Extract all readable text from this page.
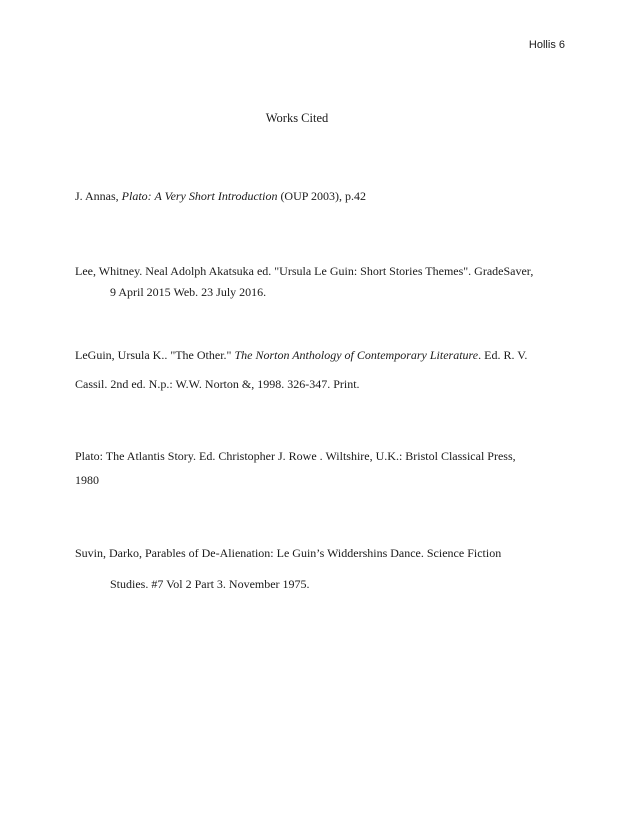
Hollis 6
Works Cited
J. Annas, Plato: A Very Short Introduction (OUP 2003), p.42
Lee, Whitney. Neal Adolph Akatsuka ed. "Ursula Le Guin: Short Stories Themes". GradeSaver,
9 April 2015 Web. 23 July 2016.
LeGuin, Ursula K.. "The Other." The Norton Anthology of Contemporary Literature. Ed. R. V.
Cassil. 2nd ed. N.p.: W.W. Norton &, 1998. 326-347. Print.
Plato: The Atlantis Story. Ed. Christopher J. Rowe . Wiltshire, U.K.: Bristol Classical Press,
1980
Suvin, Darko, Parables of De-Alienation: Le Guin’s Widdershins Dance. Science Fiction
Studies. #7 Vol 2 Part 3. November 1975.
